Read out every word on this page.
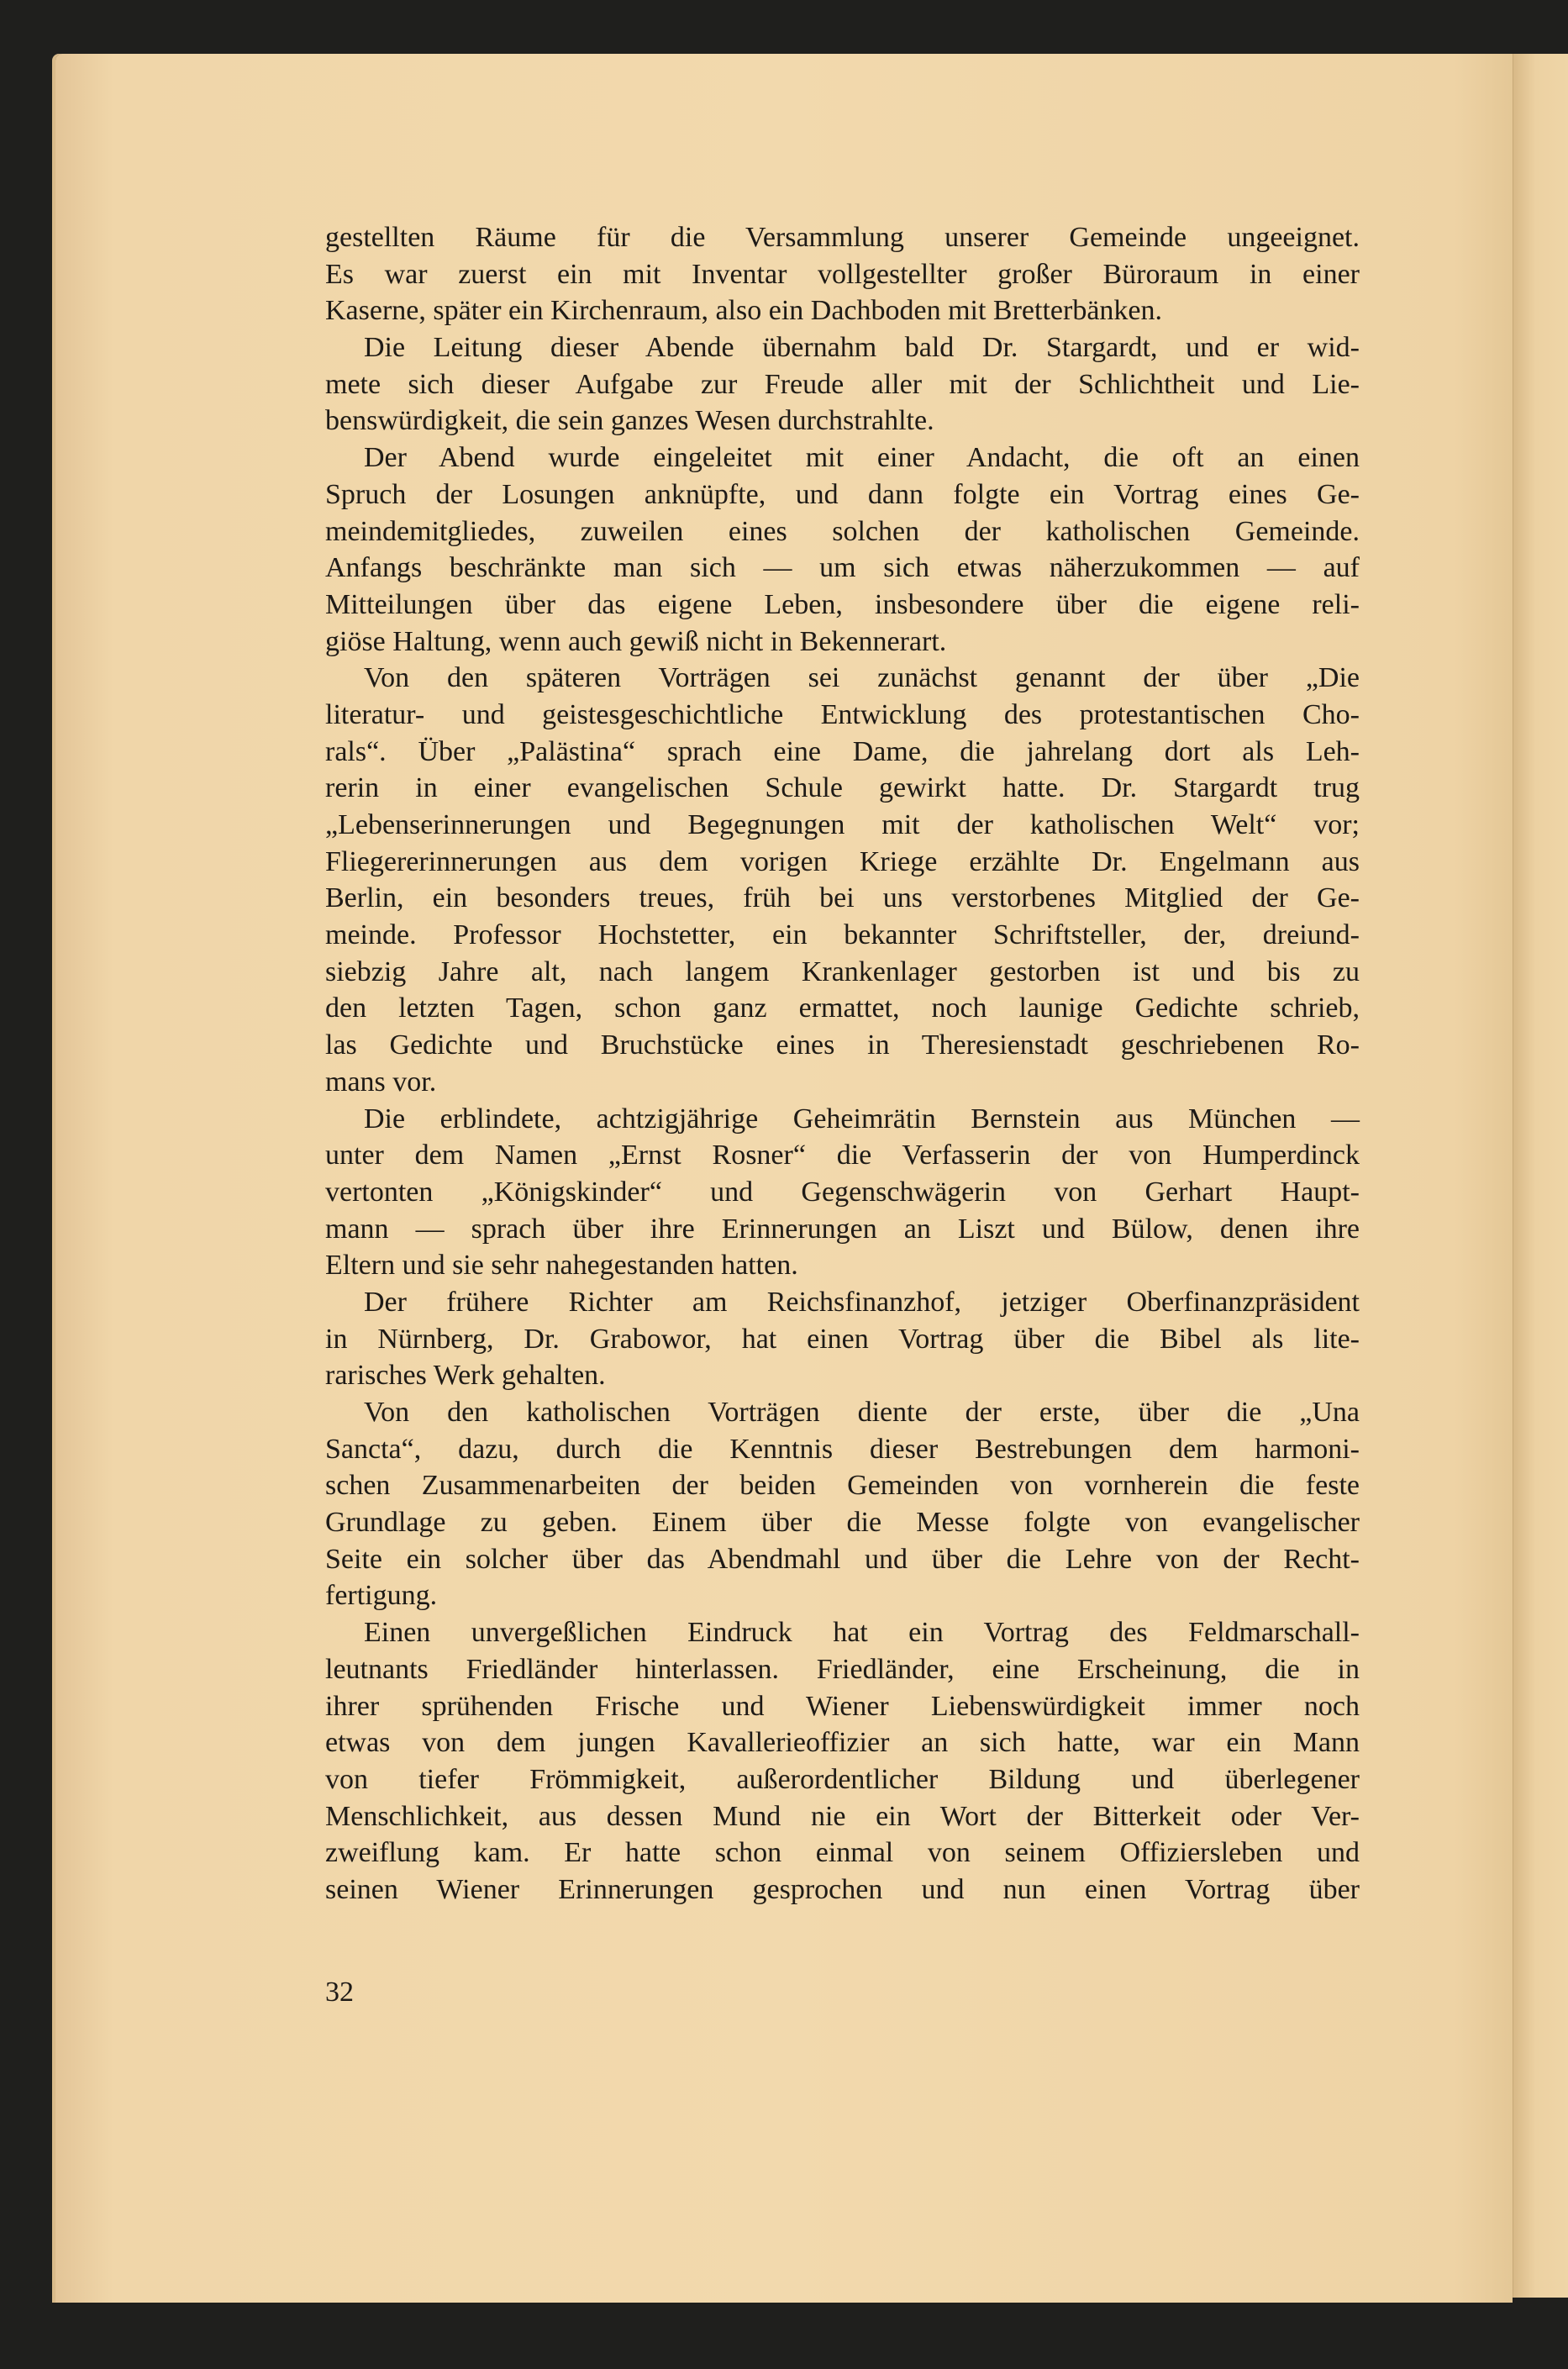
gestellten Räume für die Versammlung unserer Gemeinde ungeeignet.
Es war zuerst ein mit Inventar vollgestellter großer Büroraum in einer
Kaserne, später ein Kirchenraum, also ein Dachboden mit Bretterbänken.
Die Leitung dieser Abende übernahm bald Dr. Stargardt, und er wid-
mete sich dieser Aufgabe zur Freude aller mit der Schlichtheit und Lie-
benswürdigkeit, die sein ganzes Wesen durchstrahlte.
Der Abend wurde eingeleitet mit einer Andacht, die oft an einen
Spruch der Losungen anknüpfte, und dann folgte ein Vortrag eines Ge-
meindemitgliedes, zuweilen eines solchen der katholischen Gemeinde.
Anfangs beschränkte man sich — um sich etwas näherzukommen — auf
Mitteilungen über das eigene Leben, insbesondere über die eigene reli-
giöse Haltung, wenn auch gewiß nicht in Bekennerart.
Von den späteren Vorträgen sei zunächst genannt der über „Die
literatur- und geistesgeschichtliche Entwicklung des protestantischen Cho-
rals“. Über „Palästina“ sprach eine Dame, die jahrelang dort als Leh-
rerin in einer evangelischen Schule gewirkt hatte. Dr. Stargardt trug
„Lebenserinnerungen und Begegnungen mit der katholischen Welt“ vor;
Fliegererinnerungen aus dem vorigen Kriege erzählte Dr. Engelmann aus
Berlin, ein besonders treues, früh bei uns verstorbenes Mitglied der Ge-
meinde. Professor Hochstetter, ein bekannter Schriftsteller, der, dreiund-
siebzig Jahre alt, nach langem Krankenlager gestorben ist und bis zu
den letzten Tagen, schon ganz ermattet, noch launige Gedichte schrieb,
las Gedichte und Bruchstücke eines in Theresienstadt geschriebenen Ro-
mans vor.
Die erblindete, achtzigjährige Geheimrätin Bernstein aus München —
unter dem Namen „Ernst Rosner“ die Verfasserin der von Humperdinck
vertonten „Königskinder“ und Gegenschwägerin von Gerhart Haupt-
mann — sprach über ihre Erinnerungen an Liszt und Bülow, denen ihre
Eltern und sie sehr nahegestanden hatten.
Der frühere Richter am Reichsfinanzhof, jetziger Oberfinanzpräsident
in Nürnberg, Dr. Grabowor, hat einen Vortrag über die Bibel als lite-
rarisches Werk gehalten.
Von den katholischen Vorträgen diente der erste, über die „Una
Sancta“, dazu, durch die Kenntnis dieser Bestrebungen dem harmoni-
schen Zusammenarbeiten der beiden Gemeinden von vornherein die feste
Grundlage zu geben. Einem über die Messe folgte von evangelischer
Seite ein solcher über das Abendmahl und über die Lehre von der Recht-
fertigung.
Einen unvergeßlichen Eindruck hat ein Vortrag des Feldmarschall-
leutnants Friedländer hinterlassen. Friedländer, eine Erscheinung, die in
ihrer sprühenden Frische und Wiener Liebenswürdigkeit immer noch
etwas von dem jungen Kavallerieoffizier an sich hatte, war ein Mann
von tiefer Frömmigkeit, außerordentlicher Bildung und überlegener
Menschlichkeit, aus dessen Mund nie ein Wort der Bitterkeit oder Ver-
zweiflung kam. Er hatte schon einmal von seinem Offiziersleben und
seinen Wiener Erinnerungen gesprochen und nun einen Vortrag über
32
